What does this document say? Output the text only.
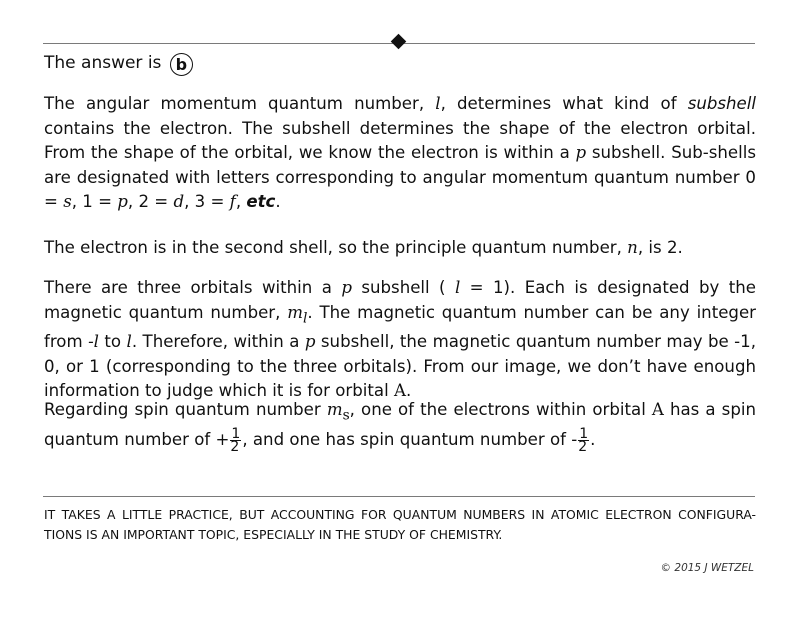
The answer is b
The angular momentum quantum number, l, determines what kind of subshell contains the electron. The subshell determines the shape of the electron orbital. From the shape of the orbital, we know the electron is within a p subshell. Sub-shells are designated with letters corresponding to angular momentum quantum number 0 = s, 1 = p, 2 = d, 3 = f, etc.
The electron is in the second shell, so the principle quantum number, n, is 2.
There are three orbitals within a p subshell ( l = 1). Each is designated by the magnetic quantum number, $m_l$. The magnetic quantum number can be any integer from -l to l. Therefore, within a p subshell, the magnetic quantum number may be -1, 0, or 1 (corresponding to the three orbitals). From our image, we don’t have enough information to judge which it is for orbital A.
Regarding spin quantum number $m_s$, one of the electrons within orbital A has a spin quantum number of + $\frac{1}{2}$ , and one has spin quantum number of - $\frac{1}{2}$ .
IT TAKES A LITTLE PRACTICE, BUT ACCOUNTING FOR QUANTUM NUMBERS IN ATOMIC ELECTRON CONFIGURA-TIONS IS AN IMPORTANT TOPIC, ESPECIALLY IN THE STUDY OF CHEMISTRY.
© 2015 J WETZEL
